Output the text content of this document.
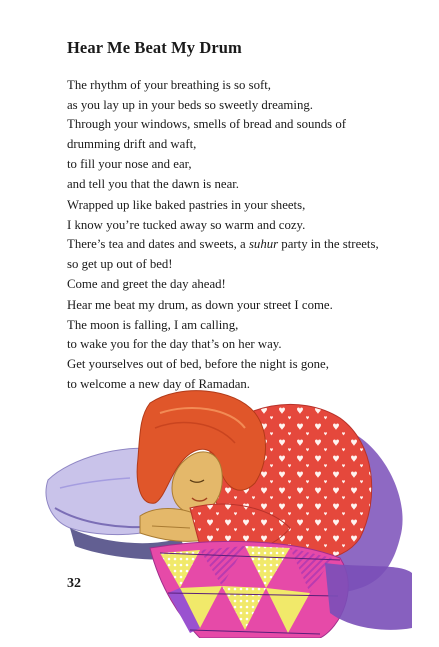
Hear Me Beat My Drum
The rhythm of your breathing is so soft,
as you lay up in your beds so sweetly dreaming.
Through your windows, smells of bread and sounds of
drumming drift and waft,
to fill your nose and ear,
and tell you that the dawn is near.
Wrapped up like baked pastries in your sheets,
I know you’re tucked away so warm and cozy.
There’s tea and dates and sweets, a suhur party in the streets,
so get up out of bed!
Come and greet the day ahead!
Hear me beat my drum, as down your street I come.
The moon is falling, I am calling,
to wake you for the day that’s on her way.
Get yourselves out of bed, before the night is gone,
to welcome a new day of Ramadan.

32
